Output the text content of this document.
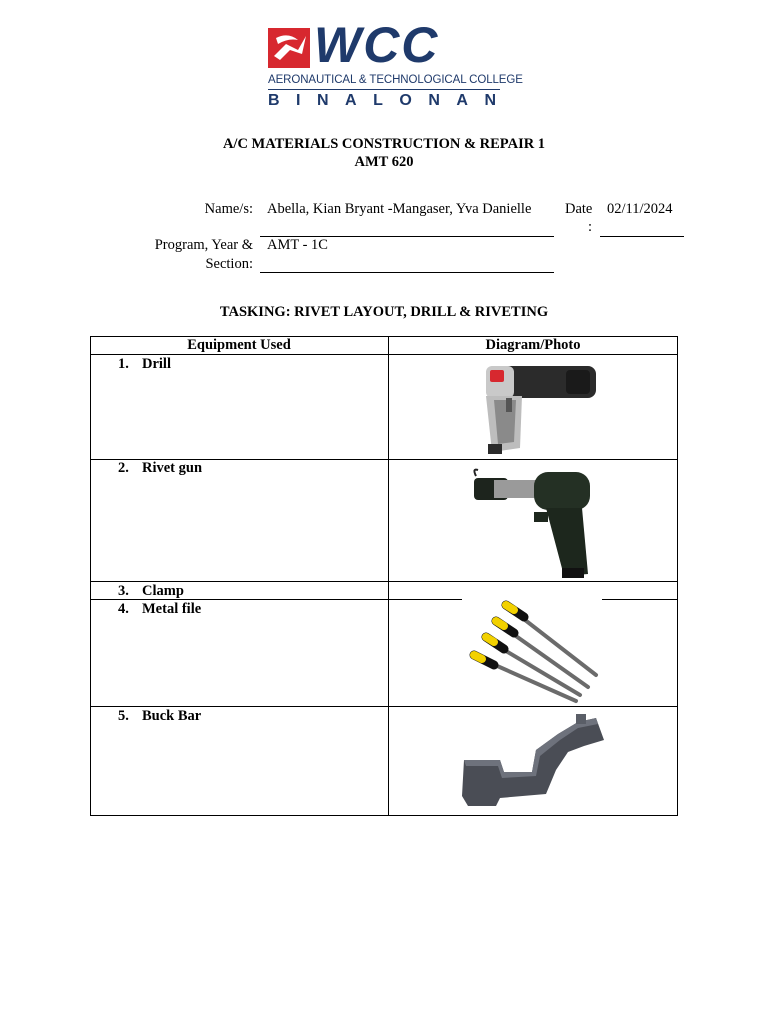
WCC
AERONAUTICAL & TECHNOLOGICAL COLLEGE
BINALONAN
A/C MATERIALS CONSTRUCTION & REPAIR 1
AMT 620
Name/s: Abella, Kian Bryant -Mangaser, Yva Danielle Date
:
02/11/2024
Program, Year &
Section:
AMT - 1C
TASKING: RIVET LAYOUT, DRILL & RIVETING
Equipment Used	Diagram/Photo
1. Drill
2. Rivet gun
3. Clamp
4. Metal file
5. Buck Bar
